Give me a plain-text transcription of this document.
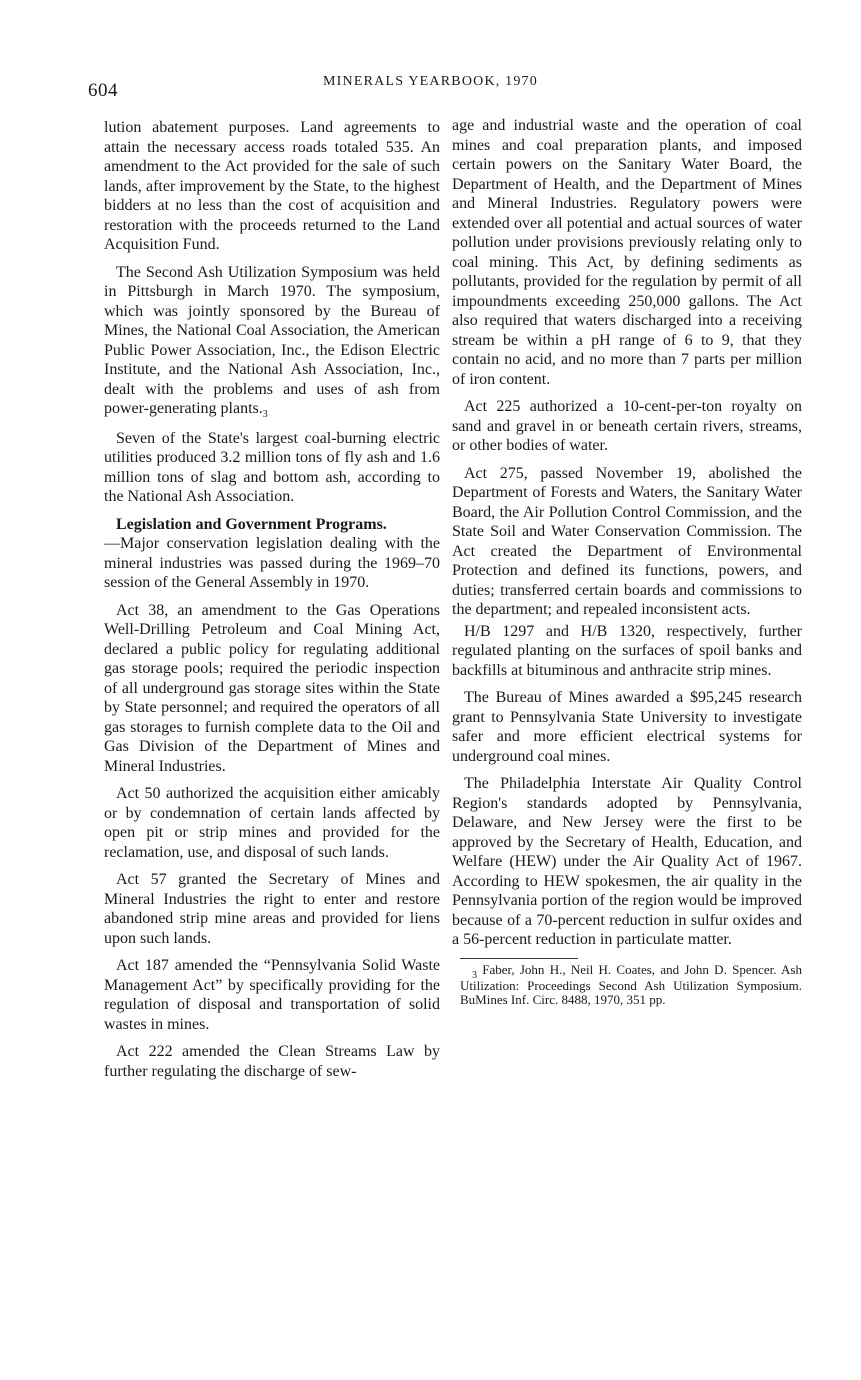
604	MINERALS YEARBOOK, 1970

lution abatement purposes. Land agreements to attain the necessary access roads totaled 535. An amendment to the Act provided for the sale of such lands, after improvement by the State, to the highest bidders at no less than the cost of acquisition and restoration with the proceeds returned to the Land Acquisition Fund.

The Second Ash Utilization Symposium was held in Pittsburgh in March 1970. The symposium, which was jointly sponsored by the Bureau of Mines, the National Coal Association, the American Public Power Association, Inc., the Edison Electric Institute, and the National Ash Association, Inc., dealt with the problems and uses of ash from power-generating plants.$^3$

Seven of the State's largest coal-burning electric utilities produced 3.2 million tons of fly ash and 1.6 million tons of slag and bottom ash, according to the National Ash Association.

Legislation and Government Programs.
—Major conservation legislation dealing with the mineral industries was passed during the 1969–70 session of the General Assembly in 1970.

Act 38, an amendment to the Gas Operations Well-Drilling Petroleum and Coal Mining Act, declared a public policy for regulating additional gas storage pools; required the periodic inspection of all underground gas storage sites within the State by State personnel; and required the operators of all gas storages to furnish complete data to the Oil and Gas Division of the Department of Mines and Mineral Industries.

Act 50 authorized the acquisition either amicably or by condemnation of certain lands affected by open pit or strip mines and provided for the reclamation, use, and disposal of such lands.

Act 57 granted the Secretary of Mines and Mineral Industries the right to enter and restore abandoned strip mine areas and provided for liens upon such lands.

Act 187 amended the “Pennsylvania Solid Waste Management Act” by specifically providing for the regulation of disposal and transportation of solid wastes in mines.

Act 222 amended the Clean Streams Law by further regulating the discharge of sew-

age and industrial waste and the operation of coal mines and coal preparation plants, and imposed certain powers on the Sanitary Water Board, the Department of Health, and the Department of Mines and Mineral Industries. Regulatory powers were extended over all potential and actual sources of water pollution under provisions previously relating only to coal mining. This Act, by defining sediments as pollutants, provided for the regulation by permit of all impoundments exceeding 250,000 gallons. The Act also required that waters discharged into a receiving stream be within a pH range of 6 to 9, that they contain no acid, and no more than 7 parts per million of iron content.

Act 225 authorized a 10-cent-per-ton royalty on sand and gravel in or beneath certain rivers, streams, or other bodies of water.

Act 275, passed November 19, abolished the Department of Forests and Waters, the Sanitary Water Board, the Air Pollution Control Commission, and the State Soil and Water Conservation Commission. The Act created the Department of Environmental Protection and defined its functions, powers, and duties; transferred certain boards and commissions to the department; and repealed inconsistent acts.

H/B 1297 and H/B 1320, respectively, further regulated planting on the surfaces of spoil banks and backfills at bituminous and anthracite strip mines.

The Bureau of Mines awarded a $95,245 research grant to Pennsylvania State University to investigate safer and more efficient electrical systems for underground coal mines.

The Philadelphia Interstate Air Quality Control Region's standards adopted by Pennsylvania, Delaware, and New Jersey were the first to be approved by the Secretary of Health, Education, and Welfare (HEW) under the Air Quality Act of 1967. According to HEW spokesmen, the air quality in the Pennsylvania portion of the region would be improved because of a 70-percent reduction in sulfur oxides and a 56-percent reduction in particulate matter.

$^3$ Faber, John H., Neil H. Coates, and John D. Spencer. Ash Utilization: Proceedings Second Ash Utilization Symposium. BuMines Inf. Circ. 8488, 1970, 351 pp.
